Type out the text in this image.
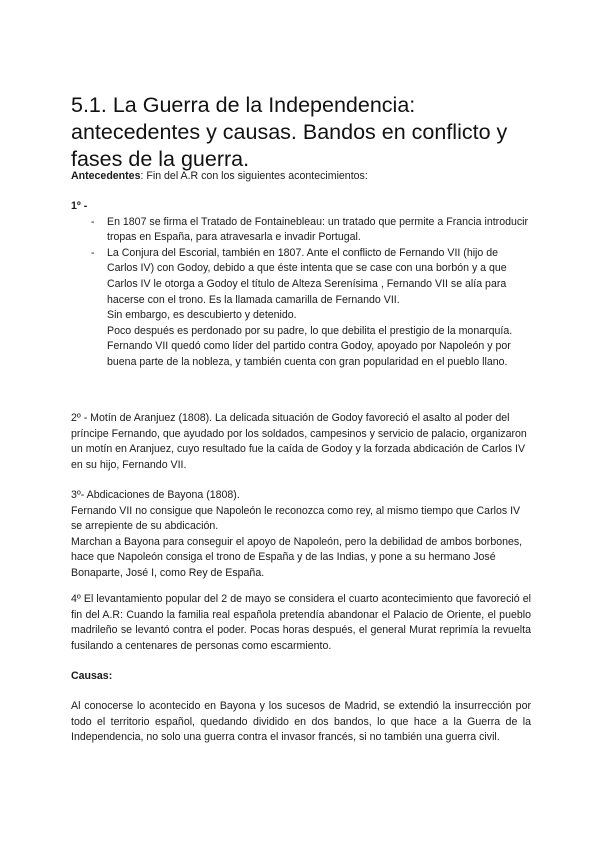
5.1. La Guerra de la Independencia: antecedentes y causas. Bandos en conflicto y fases de la guerra.

Antecedentes: Fin del A.R con los siguientes acontecimientos:

1º -

- En 1807 se firma el Tratado de Fontainebleau: un tratado que permite a Francia introducir tropas en España, para atravesarla e invadir Portugal.
- La Conjura del Escorial, también en 1807. Ante el conflicto de Fernando VII (hijo de Carlos IV) con Godoy, debido a que éste intenta que se case con una borbón y a que Carlos IV le otorga a Godoy el título de Alteza Serenísima , Fernando VII se alía para hacerse con el trono. Es la llamada camarilla de Fernando VII.

Sin embargo, es descubierto y detenido.

Poco después es perdonado por su padre, lo que debilita el prestigio de la monarquía.

Fernando VII quedó como líder del partido contra Godoy, apoyado por Napoleón y por buena parte de la nobleza, y también cuenta con gran popularidad en el pueblo llano.

2º - Motín de Aranjuez (1808). La delicada situación de Godoy favoreció el asalto al poder del príncipe Fernando, que ayudado por los soldados, campesinos y servicio de palacio, organizaron un motín en Aranjuez, cuyo resultado fue la caída de Godoy y la forzada abdicación de Carlos IV en su hijo, Fernando VII.

3º- Abdicaciones de Bayona (1808).

Fernando VII no consigue que Napoleón le reconozca como rey, al mismo tiempo que Carlos IV se arrepiente de su abdicación.

Marchan a Bayona para conseguir el apoyo de Napoleón, pero la debilidad de ambos borbones, hace que Napoleón consiga el trono de España y de las Indias, y pone a su hermano José Bonaparte, José I, como Rey de España.

4º El levantamiento popular del 2 de mayo se considera el cuarto acontecimiento que favoreció el fin del A.R: Cuando la familia real española pretendía abandonar el Palacio de Oriente, el pueblo madrileño se levantó contra el poder. Pocas horas después, el general Murat reprimía la revuelta fusilando a centenares de personas como escarmiento.

Causas:

Al conocerse lo acontecido en Bayona y los sucesos de Madrid, se extendió la insurrección por todo el territorio español, quedando dividido en dos bandos, lo que hace a la Guerra de la Independencia, no solo una guerra contra el invasor francés, si no también una guerra civil.
